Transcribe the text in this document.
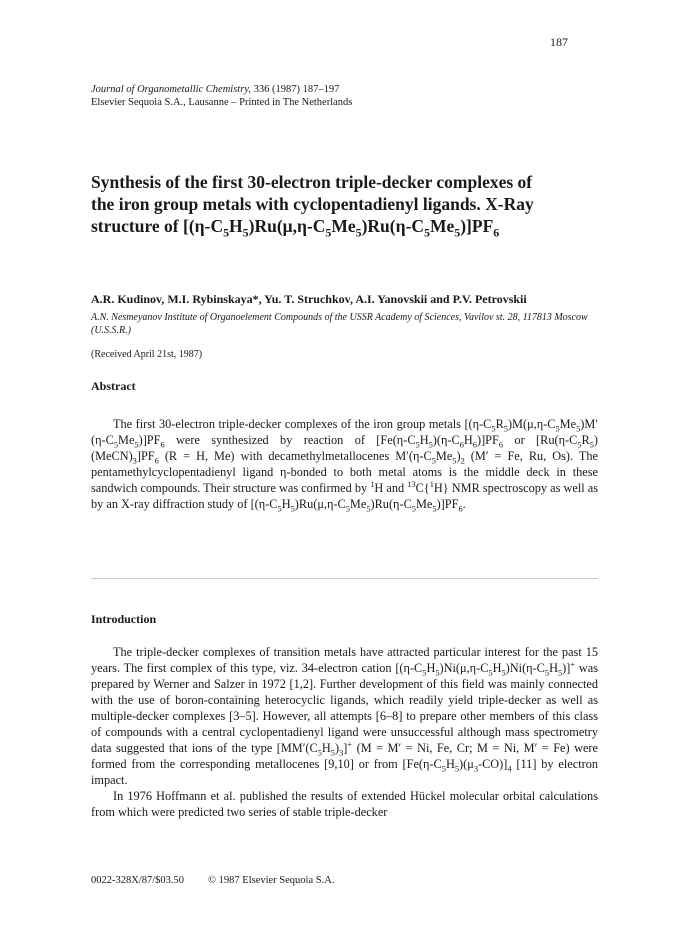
187
Journal of Organometallic Chemistry, 336 (1987) 187–197
Elsevier Sequoia S.A., Lausanne – Printed in The Netherlands
Synthesis of the first 30-electron triple-decker complexes of
the iron group metals with cyclopentadienyl ligands. X-Ray
structure of $[(\eta-C_5H_5)Ru(\mu,\eta-C_5Me_5)Ru(\eta-C_5Me_5)]PF_6$
A.R. Kudinov, M.I. Rybinskaya*, Yu. T. Struchkov, A.I. Yanovskii and P.V. Petrovskii
A.N. Nesmeyanov Institute of Organoelement Compounds of the USSR Academy of Sciences, Vavilov st. 28, 117813 Moscow (U.S.S.R.)
(Received April 21st, 1987)
Abstract

The first 30-electron triple-decker complexes of the iron group metals $[(\eta-C_5R_5)M(\mu,\eta-C_5Me_5)M'(\eta-C_5Me_5)]PF_6$ were synthesized by reaction of $[Fe(\eta-C_5H_5)(\eta-C_6H_6)]PF_6$ or $[Ru(\eta-C_5R_5)(MeCN)_3]PF_6$ (R = H, Me) with decamethylmetallocenes $M'(\eta-C_5Me_5)_2$ (M′ = Fe, Ru, Os). The pentamethylcyclopentadienyl ligand η-bonded to both metal atoms is the middle deck in these sandwich compounds. Their structure was confirmed by $^1$H and $^{13}$C{$^1$H} NMR spectroscopy as well as by an X-ray diffraction study of $[(\eta-C_5H_5)Ru(\mu,\eta-C_5Me_5)Ru(\eta-C_5Me_5)]PF_6$.

Introduction

The triple-decker complexes of transition metals have attracted particular interest for the past 15 years. The first complex of this type, viz. 34-electron cation $[(\eta-C_5H_5)Ni(\mu,\eta-C_5H_5)Ni(\eta-C_5H_5)]^+$ was prepared by Werner and Salzer in 1972 [1,2]. Further development of this field was mainly connected with the use of boron-containing heterocyclic ligands, which readily yield triple-decker as well as multiple-decker complexes [3–5]. However, all attempts [6–8] to prepare other members of this class of compounds with a central cyclopentadienyl ligand were unsuccessful although mass spectrometry data suggested that ions of the type $[MM'(C_5H_5)_3]^+$ (M = M′ = Ni, Fe, Cr; M = Ni, M′ = Fe) were formed from the corresponding metallocenes [9,10] or from $[Fe(\eta-C_5H_5)(\mu_3-CO)]_4$ [11] by electron impact.

In 1976 Hoffmann et al. published the results of extended Hückel molecular orbital calculations from which were predicted two series of stable triple-decker

0022-328X/87/$03.50 © 1987 Elsevier Sequoia S.A.
